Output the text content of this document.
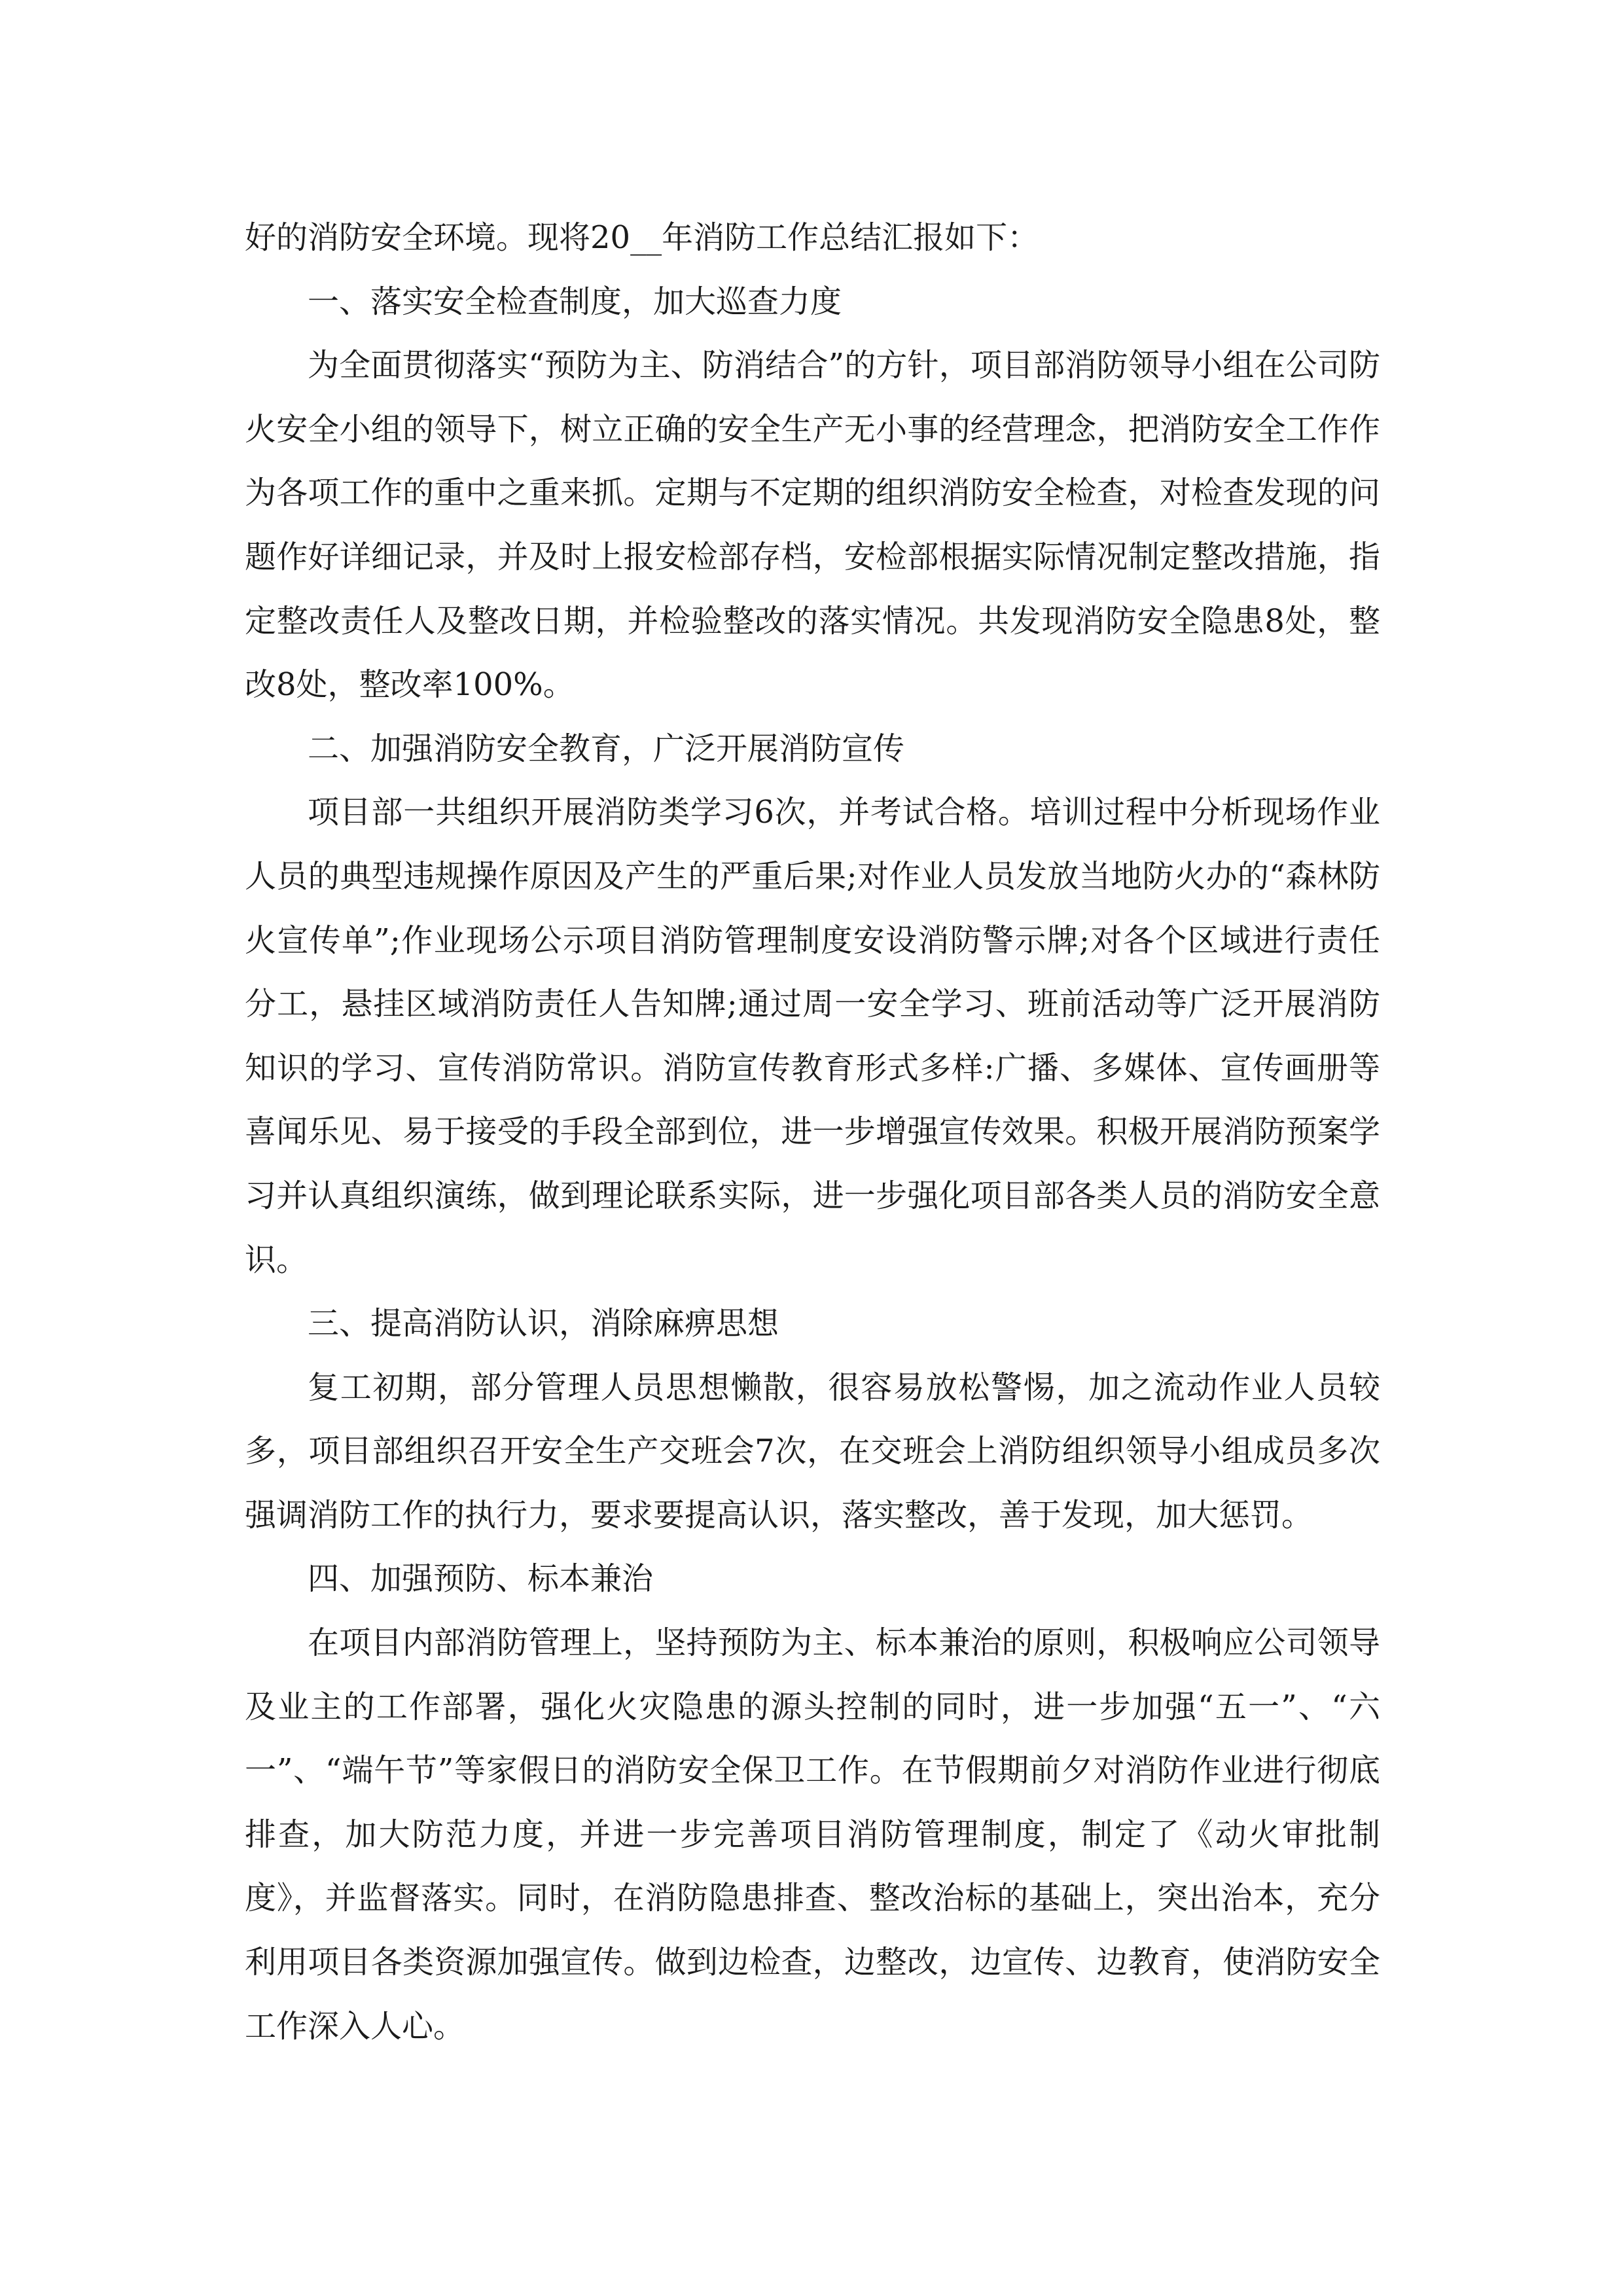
好的消防安全环境。现将20__年消防工作总结汇报如下：

一、落实安全检查制度，加大巡查力度

为全面贯彻落实“预防为主、防消结合”的方针，项目部消防领导小组在公司防火安全小组的领导下，树立正确的安全生产无小事的经营理念，把消防安全工作作为各项工作的重中之重来抓。定期与不定期的组织消防安全检查，对检查发现的问题作好详细记录，并及时上报安检部存档，安检部根据实际情况制定整改措施，指定整改责任人及整改日期，并检验整改的落实情况。共发现消防安全隐患8处，整改8处，整改率100%。

二、加强消防安全教育，广泛开展消防宣传

项目部一共组织开展消防类学习6次，并考试合格。培训过程中分析现场作业人员的典型违规操作原因及产生的严重后果;对作业人员发放当地防火办的“森林防火宣传单”;作业现场公示项目消防管理制度安设消防警示牌;对各个区域进行责任分工，悬挂区域消防责任人告知牌;通过周一安全学习、班前活动等广泛开展消防知识的学习、宣传消防常识。消防宣传教育形式多样:广播、多媒体、宣传画册等喜闻乐见、易于接受的手段全部到位，进一步增强宣传效果。积极开展消防预案学习并认真组织演练，做到理论联系实际，进一步强化项目部各类人员的消防安全意识。

三、提高消防认识，消除麻痹思想

复工初期，部分管理人员思想懒散，很容易放松警惕，加之流动作业人员较多，项目部组织召开安全生产交班会7次，在交班会上消防组织领导小组成员多次强调消防工作的执行力，要求要提高认识，落实整改，善于发现，加大惩罚。

四、加强预防、标本兼治

在项目内部消防管理上，坚持预防为主、标本兼治的原则，积极响应公司领导及业主的工作部署，强化火灾隐患的源头控制的同时，进一步加强“五一”、“六一”、“端午节”等家假日的消防安全保卫工作。在节假期前夕对消防作业进行彻底排查，加大防范力度，并进一步完善项目消防管理制度，制定了《动火审批制度》，并监督落实。同时，在消防隐患排查、整改治标的基础上，突出治本，充分利用项目各类资源加强宣传。做到边检查，边整改，边宣传、边教育，使消防安全工作深入人心。
